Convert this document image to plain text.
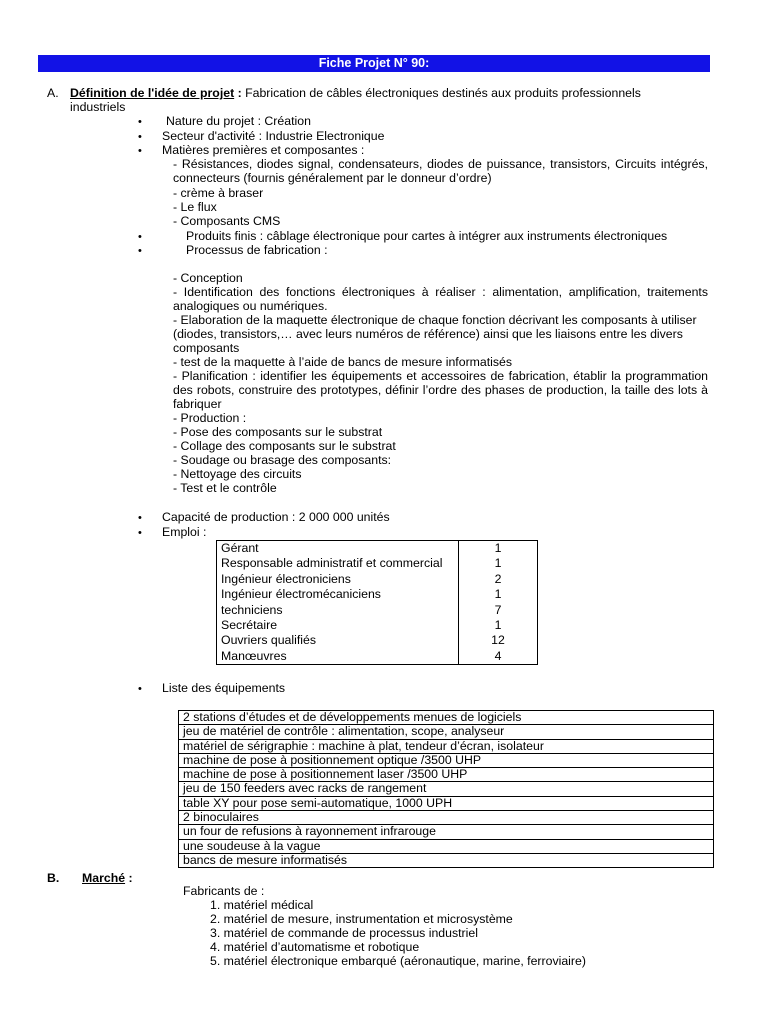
Fiche Projet N° 90:
A. Définition de l'idée de projet : Fabrication de câbles électroniques destinés aux produits professionnels
industriels
• Nature du projet : Création
• Secteur d'activité : Industrie Electronique
• Matières premières et composantes :
- Résistances, diodes signal, condensateurs, diodes de puissance, transistors, Circuits intégrés, connecteurs (fournis généralement par le donneur d’ordre)
- crème à braser
- Le flux
- Composants CMS
•	Produits finis : câblage électronique pour cartes à intégrer aux instruments électroniques
•	Processus de fabrication :
- Conception
- Identification des fonctions électroniques à réaliser : alimentation, amplification, traitements analogiques ou numériques.
- Elaboration de la maquette électronique de chaque fonction décrivant les composants à utiliser (diodes, transistors,… avec leurs numéros de référence) ainsi que les liaisons entre les divers composants
- test de la maquette à l’aide de bancs de mesure informatisés
- Planification : identifier les équipements et accessoires de fabrication, établir la programmation des robots, construire des prototypes, définir l’ordre des phases de production, la taille des lots à fabriquer
- Production :
- Pose des composants sur le substrat
- Collage des composants sur le substrat
- Soudage ou brasage des composants:
- Nettoyage des circuits
- Test et le contrôle
• Capacité de production : 2 000 000 unités
• Emploi :
Gérant	1
Responsable administratif et commercial	1
Ingénieur électroniciens	2
Ingénieur électromécaniciens	1
techniciens	7
Secrétaire	1
Ouvriers qualifiés	12
Manœuvres	4
• Liste des équipements
2 stations d’études et de développements menues de logiciels
jeu de matériel de contrôle : alimentation, scope, analyseur
matériel de sérigraphie : machine à plat, tendeur d’écran, isolateur
machine de pose à positionnement optique /3500 UHP
machine de pose à positionnement laser /3500 UHP
jeu de 150 feeders avec racks de rangement
table XY pour pose semi-automatique, 1000 UPH
2 binoculaires
un four de refusions à rayonnement infrarouge
une soudeuse à la vague
bancs de mesure informatisés
B. Marché :
Fabricants de :
1. matériel médical
2. matériel de mesure, instrumentation et microsystème
3. matériel de commande de processus industriel
4. matériel d’automatisme et robotique
5. matériel électronique embarqué (aéronautique, marine, ferroviaire)
